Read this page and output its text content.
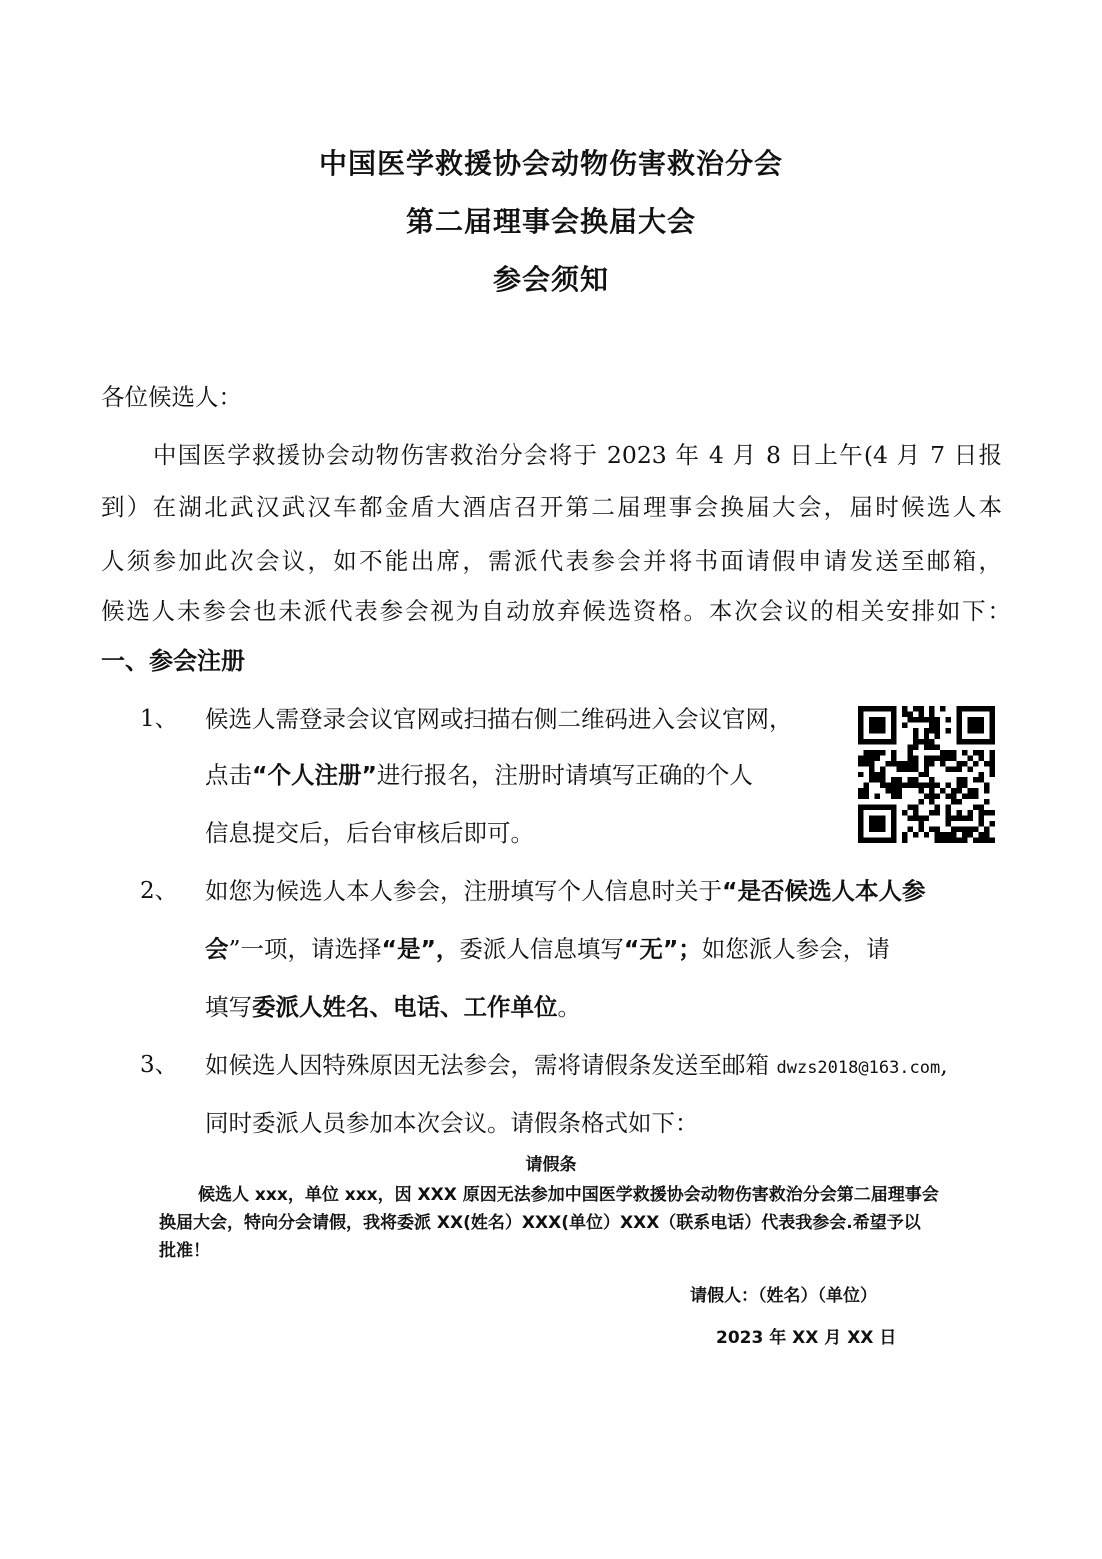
中国医学救援协会动物伤害救治分会
第二届理事会换届大会
参会须知
各位候选人：
中国医学救援协会动物伤害救治分会将于 2023 年 4 月 8 日上午(4 月 7 日报
到）在湖北武汉武汉车都金盾大酒店召开第二届理事会换届大会，届时候选人本
人须参加此次会议，如不能出席，需派代表参会并将书面请假申请发送至邮箱，
候选人未参会也未派代表参会视为自动放弃候选资格。本次会议的相关安排如下：
一、参会注册
1、 候选人需登录会议官网或扫描右侧二维码进入会议官网，
点击“个人注册”进行报名，注册时请填写正确的个人
信息提交后，后台审核后即可。
2、 如您为候选人本人参会，注册填写个人信息时关于“是否候选人本人参
会”一项，请选择“是”，委派人信息填写“无”；如您派人参会，请
填写委派人姓名、电话、工作单位。
3、 如候选人因特殊原因无法参会，需将请假条发送至邮箱 dwzs2018@163.com,
同时委派人员参加本次会议。请假条格式如下：
请假条
候选人 xxx，单位 xxx，因 XXX 原因无法参加中国医学救援协会动物伤害救治分会第二届理事会
换届大会，特向分会请假，我将委派 XX(姓名）XXX(单位）XXX（联系电话）代表我参会.希望予以
批准！
请假人：（姓名）（单位）
2023 年 XX 月 XX 日
